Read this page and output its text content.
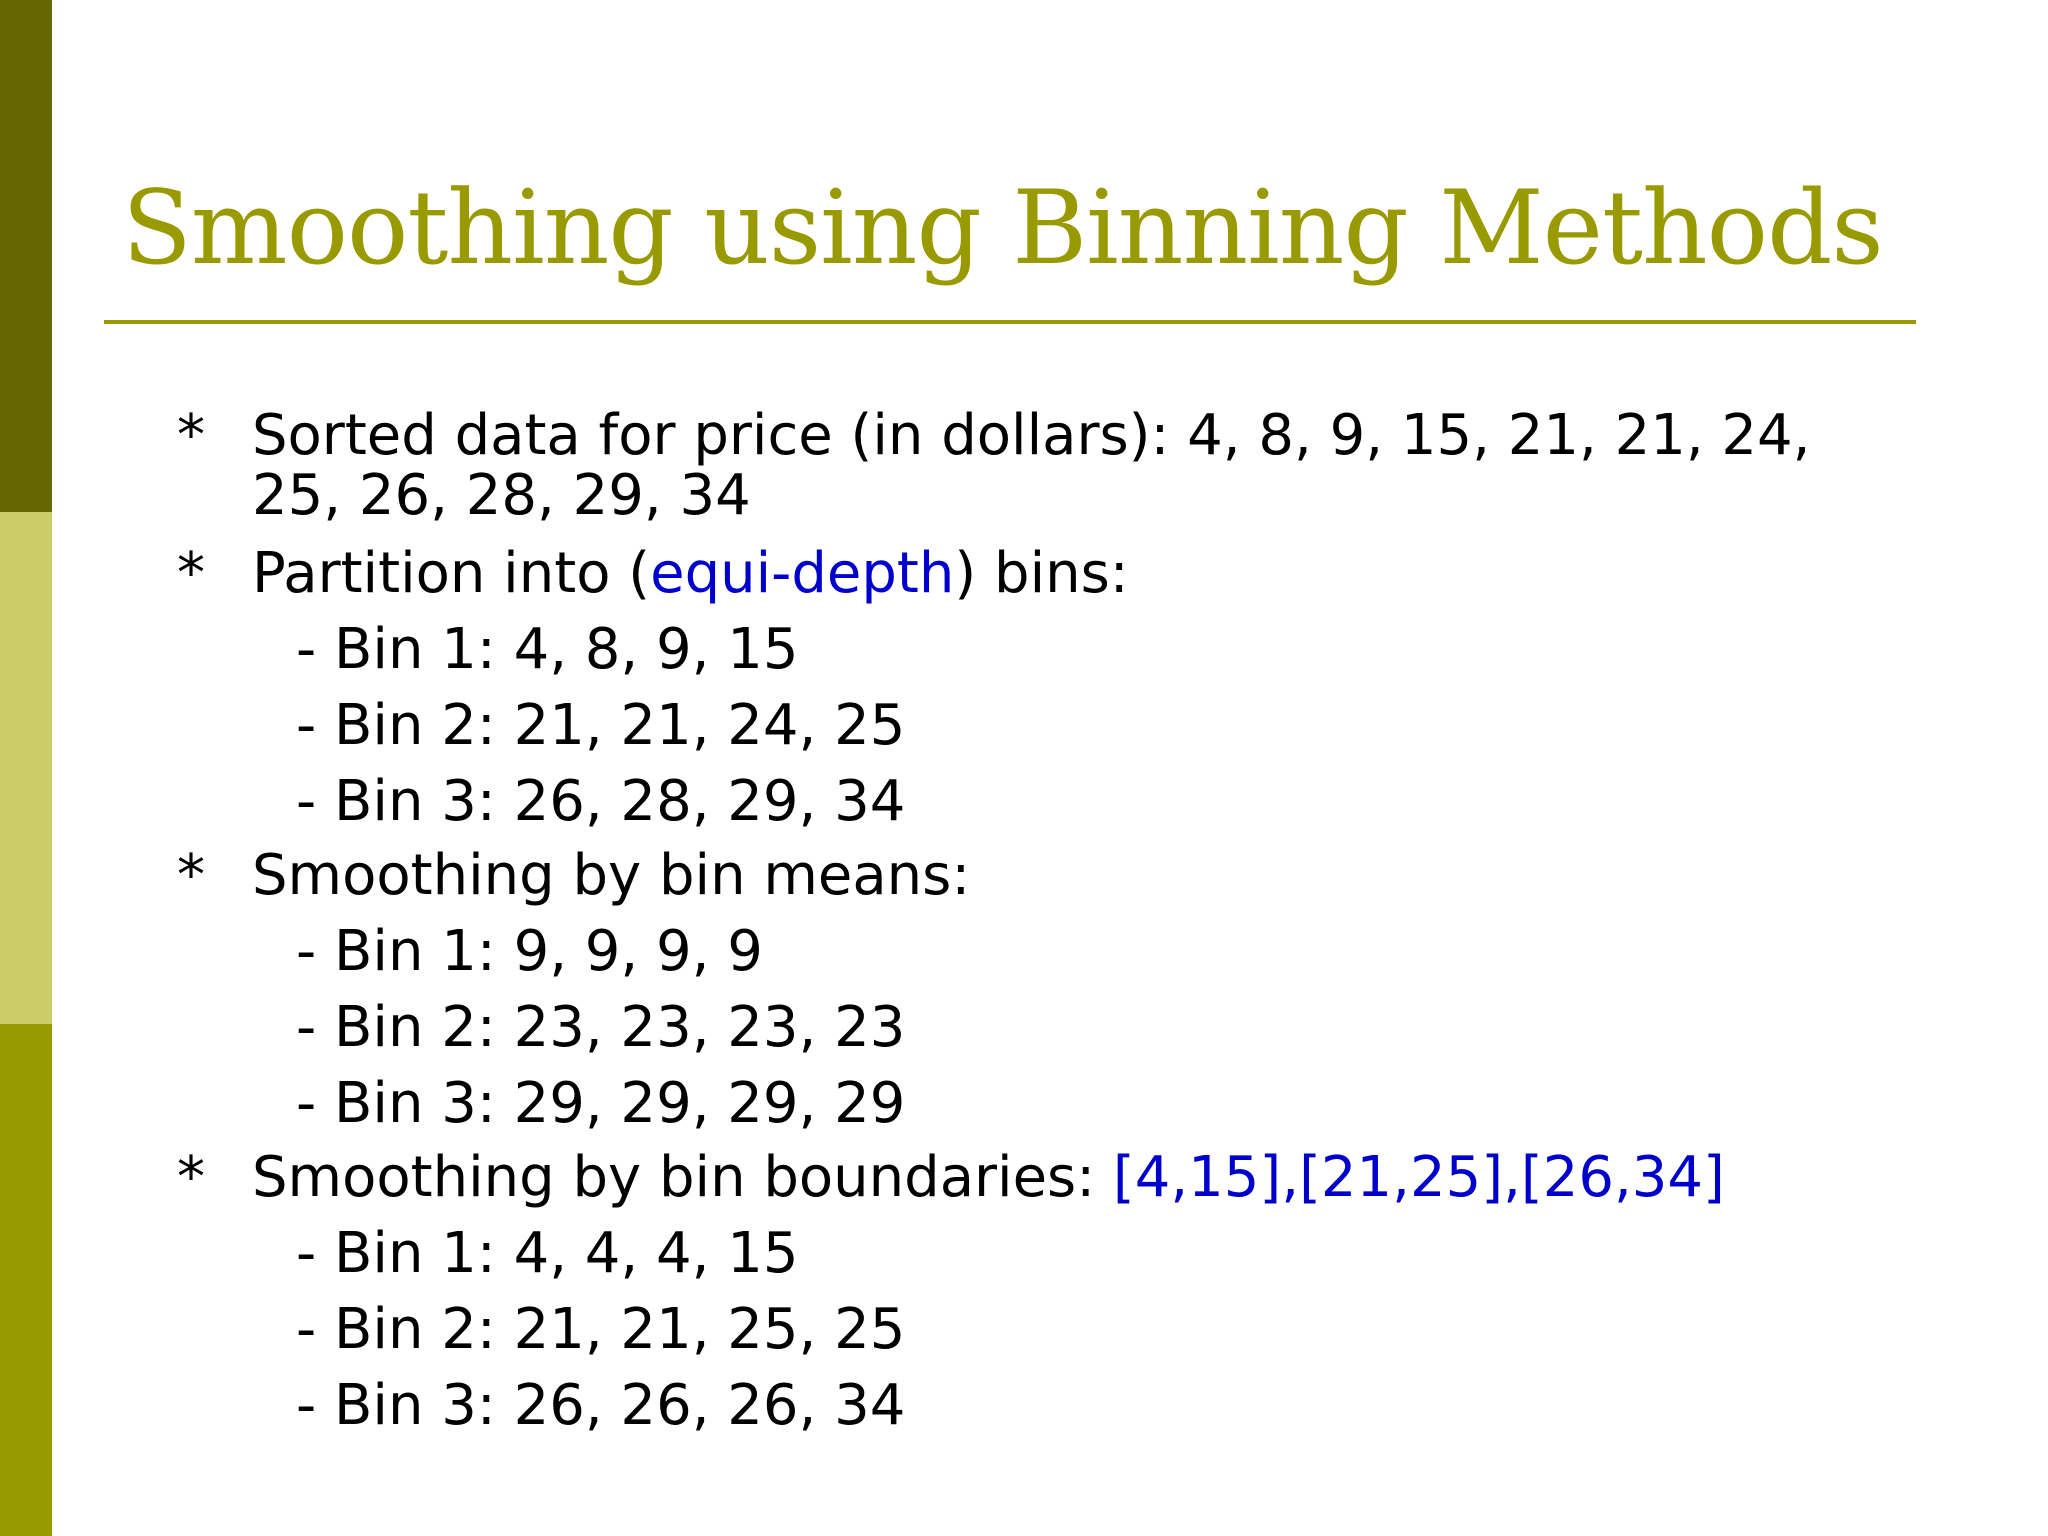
Smoothing using Binning Methods
* Sorted data for price (in dollars): 4, 8, 9, 15, 21, 21, 24,
25, 26, 28, 29, 34
* Partition into (equi-depth) bins:
- Bin 1: 4, 8, 9, 15
- Bin 2: 21, 21, 24, 25
- Bin 3: 26, 28, 29, 34
* Smoothing by bin means:
- Bin 1: 9, 9, 9, 9
- Bin 2: 23, 23, 23, 23
- Bin 3: 29, 29, 29, 29
* Smoothing by bin boundaries: [4,15],[21,25],[26,34]
- Bin 1: 4, 4, 4, 15
- Bin 2: 21, 21, 25, 25
- Bin 3: 26, 26, 26, 34
